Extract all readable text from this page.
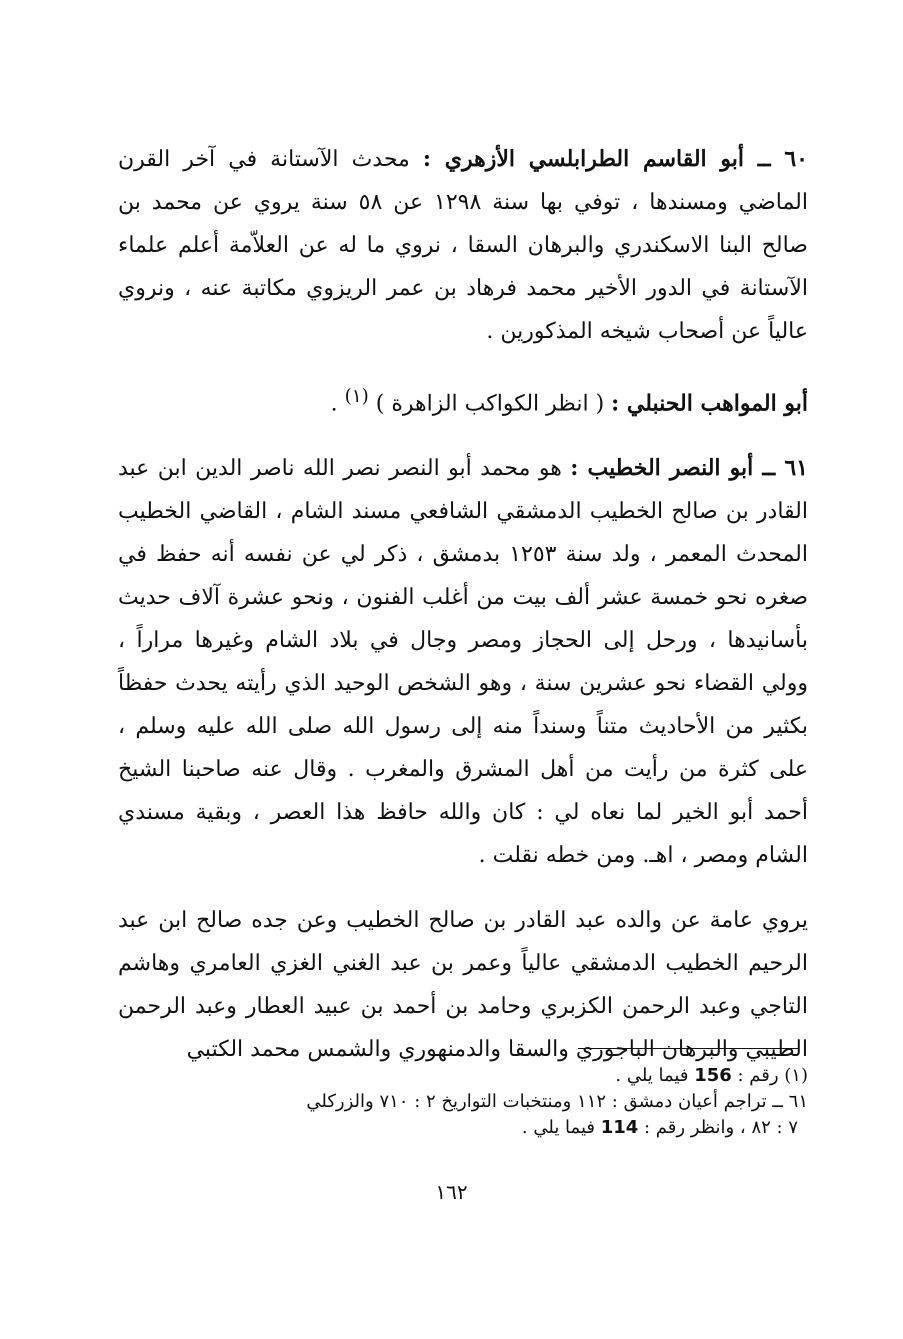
٦٠ ــ أبو القاسم الطرابلسي الأزهري : محدث الآستانة في آخر القرن الماضي ومسندها ، توفي بها سنة ١٢٩٨ عن ٥٨ سنة يروي عن محمد بن صالح البنا الاسكندري والبرهان السقا ، نروي ما له عن العلاّمة أعلم علماء الآستانة في الدور الأخير محمد فرهاد بن عمر الريزوي مكاتبة عنه ، ونروي عالياً عن أصحاب شيخه المذكورين .

أبو المواهب الحنبلي : ( انظر الكواكب الزاهرة ) $^{(١)}$ .

٦١ ــ أبو النصر الخطيب : هو محمد أبو النصر نصر الله ناصر الدين ابن عبد القادر بن صالح الخطيب الدمشقي الشافعي مسند الشام ، القاضي الخطيب المحدث المعمر ، ولد سنة ١٢٥٣ بدمشق ، ذكر لي عن نفسه أنه حفظ في صغره نحو خمسة عشر ألف بيت من أغلب الفنون ، ونحو عشرة آلاف حديث بأسانيدها ، ورحل إلى الحجاز ومصر وجال في بلاد الشام وغيرها مراراً ، وولي القضاء نحو عشرين سنة ، وهو الشخص الوحيد الذي رأيته يحدث حفظاً بكثير من الأحاديث متناً وسنداً منه إلى رسول الله صلى الله عليه وسلم ، على كثرة من رأيت من أهل المشرق والمغرب . وقال عنه صاحبنا الشيخ أحمد أبو الخير لما نعاه لي : كان والله حافظ هذا العصر ، وبقية مسندي الشام ومصر ، اهـ. ومن خطه نقلت .

يروي عامة عن والده عبد القادر بن صالح الخطيب وعن جده صالح ابن عبد الرحيم الخطيب الدمشقي عالياً وعمر بن عبد الغني الغزي العامري وهاشم التاجي وعبد الرحمن الكزبري وحامد بن أحمد بن عبيد العطار وعبد الرحمن الطيبي والبرهان الباجوري والسقا والدمنهوري والشمس محمد الكتبي

(١) رقم : 156 فيما يلي .

٦١ ــ تراجم أعيان دمشق : ١١٢ ومنتخبات التواريخ ٢ : ٧١٠ والزركلي

٧ : ٨٢ ، وانظر رقم : 114 فيما يلي .

١٦٢
